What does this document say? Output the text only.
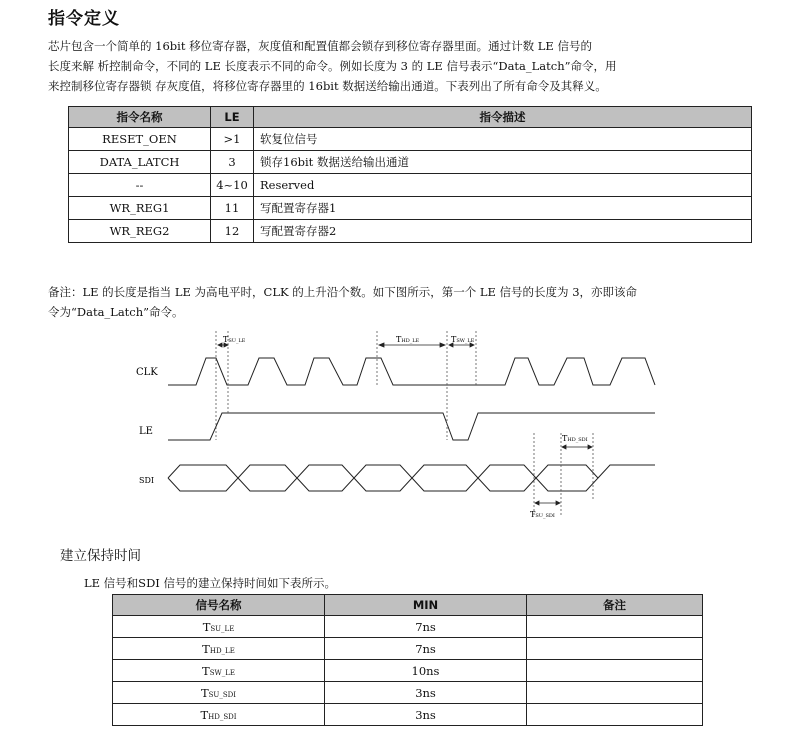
指令定义

芯片包含一个简单的 16bit 移位寄存器，灰度值和配置值都会锁存到移位寄存器里面。通过计数 LE 信号的

长度来解 析控制命令，不同的 LE 长度表示不同的命令。例如长度为 3 的 LE 信号表示“Data_Latch”命令，用

来控制移位寄存器锁 存灰度值，将移位寄存器里的 16bit 数据送给输出通道。下表列出了所有命令及其释义。

指令名称	LE	指令描述
RESET_OEN	>1	软复位信号
DATA_LATCH	3	锁存16bit 数据送给输出通道
--	4~10	Reserved
WR_REG1	11	写配置寄存器1
WR_REG2	12	写配置寄存器2

备注：LE 的长度是指当 LE 为高电平时，CLK 的上升沿个数。如下图所示，第一个 LE 信号的长度为 3，亦即该命

令为“Data_Latch”命令。

CLK
LE
SDI
TSU_LE	THD_LE	TSW_LE
THD_SDI
TSU_SDI
建立保持时间
LE 信号和SDI 信号的建立保持时间如下表所示。
信号名称	MIN	备注
TSU_LE	7ns	
THD_LE	7ns	
TSW_LE	10ns	
TSU_SDI	3ns	
THD_SDI	3ns	
